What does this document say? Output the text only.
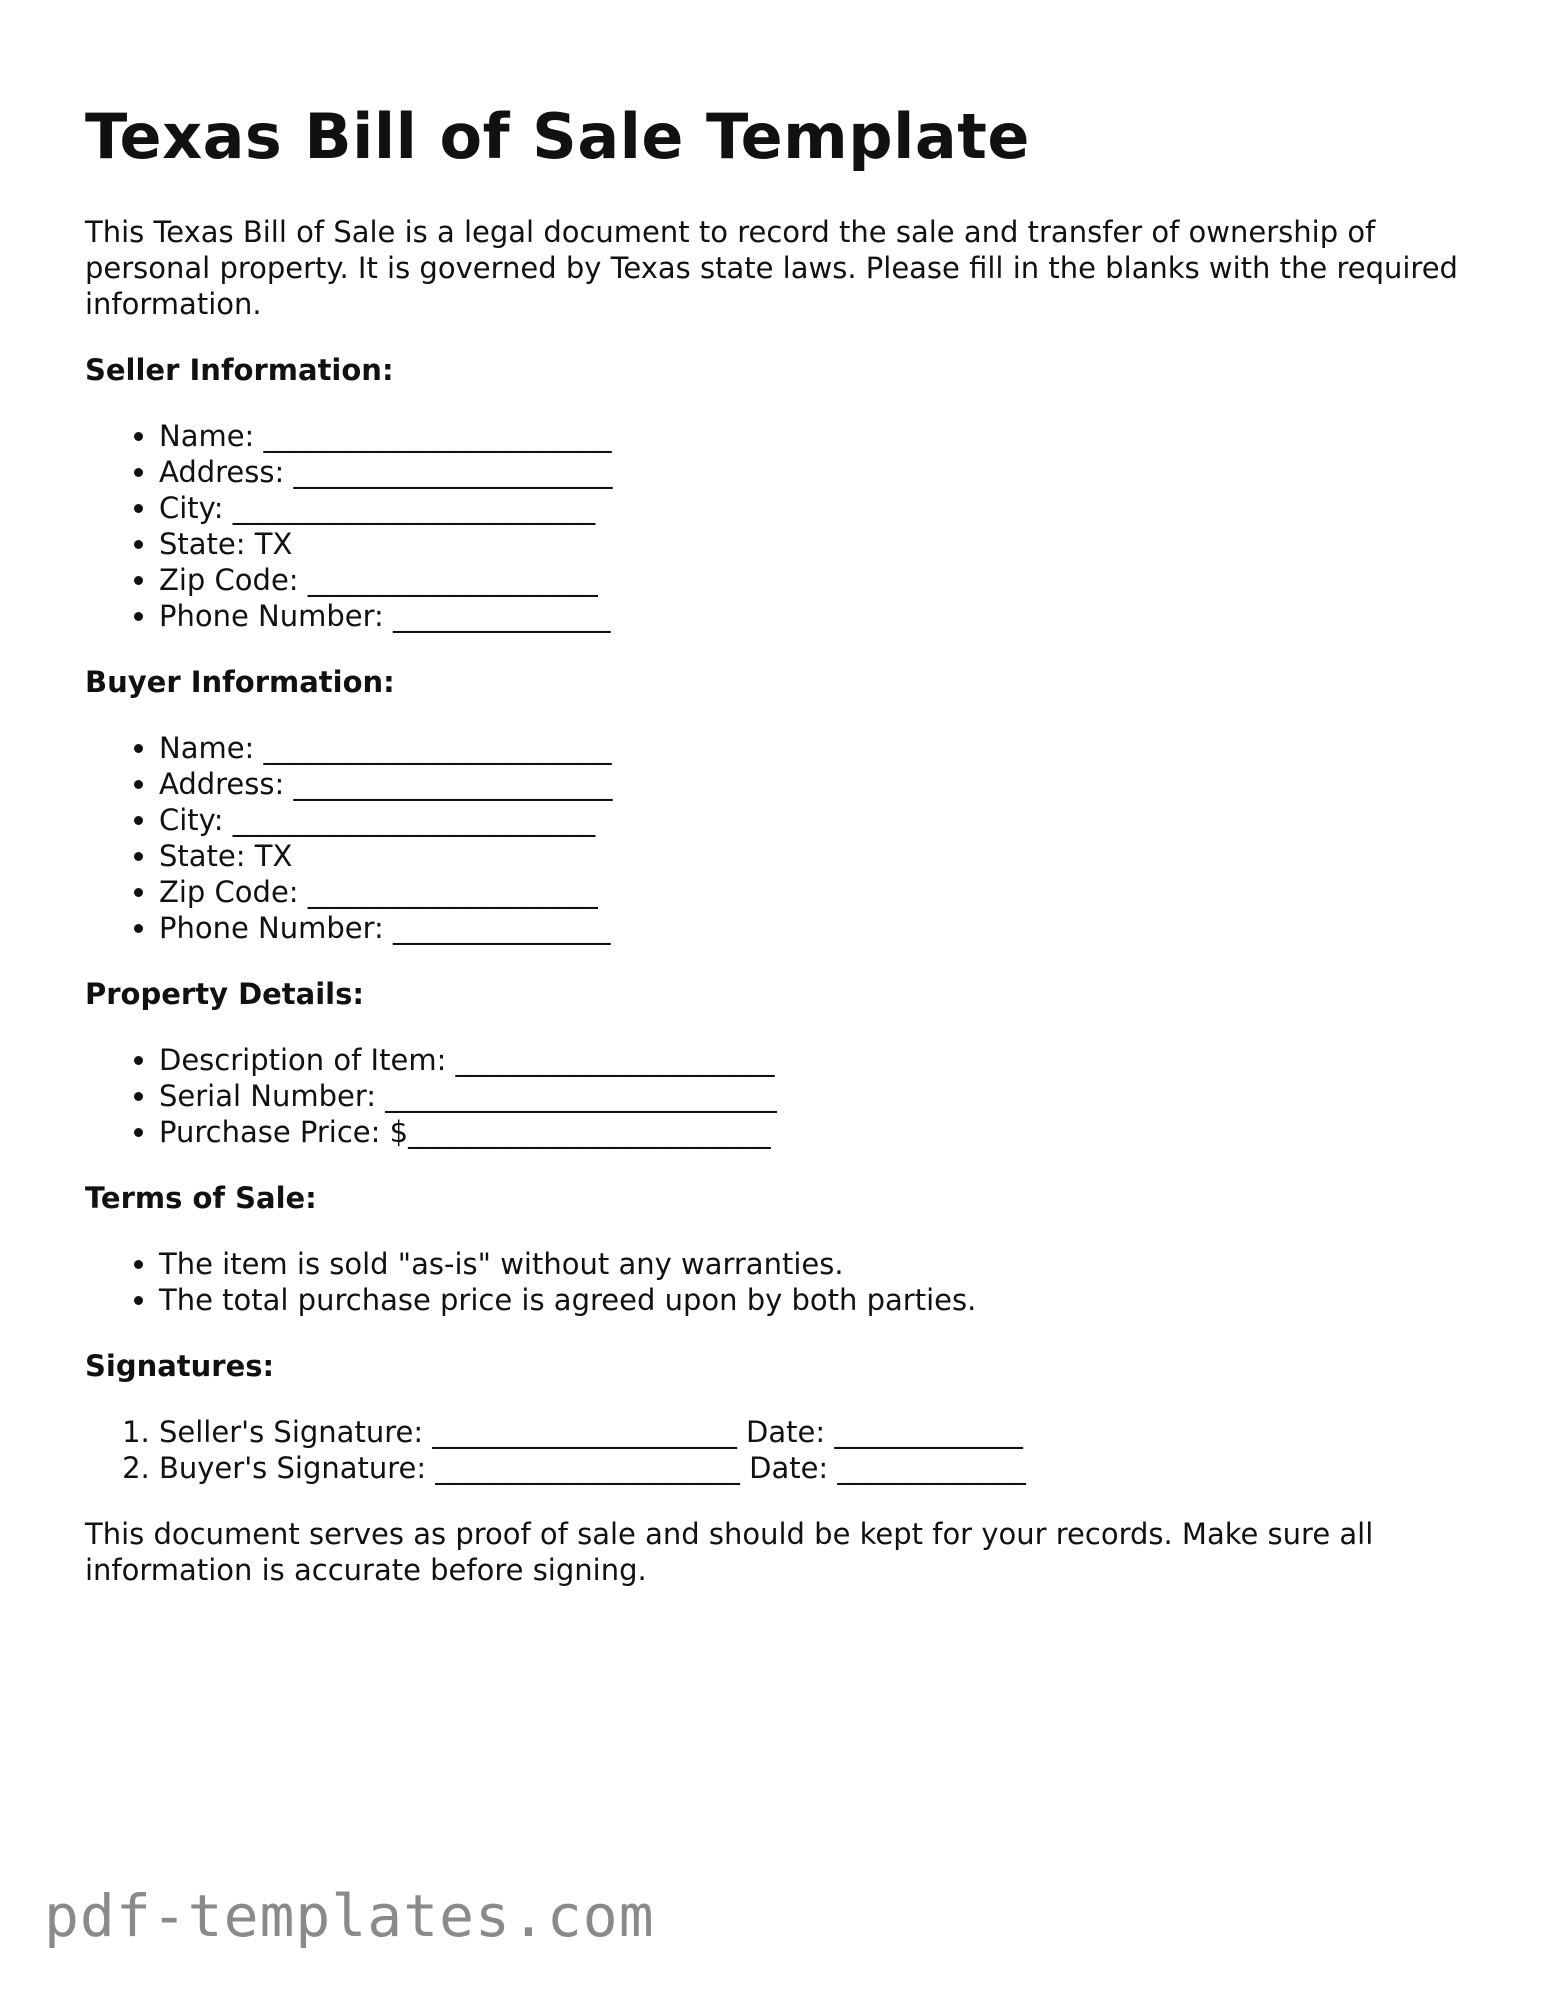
Texas Bill of Sale Template

This Texas Bill of Sale is a legal document to record the sale and transfer of ownership of personal property. It is governed by Texas state laws. Please fill in the blanks with the required information.

Seller Information:
• Name: ________________________
• Address: ______________________
• City: _________________________
• State: TX
• Zip Code: ____________________
• Phone Number: _______________
Buyer Information:
• Name: ________________________
• Address: ______________________
• City: _________________________
• State: TX
• Zip Code: ____________________
• Phone Number: _______________
Property Details:
• Description of Item: ______________________
• Serial Number: ___________________________
• Purchase Price: $_________________________
Terms of Sale:
• The item is sold "as-is" without any warranties.
• The total purchase price is agreed upon by both parties.
Signatures:
1. Seller's Signature: _____________________ Date: _____________
2. Buyer's Signature: _____________________ Date: _____________

This document serves as proof of sale and should be kept for your records. Make sure all information is accurate before signing.

pdf-templates.com
